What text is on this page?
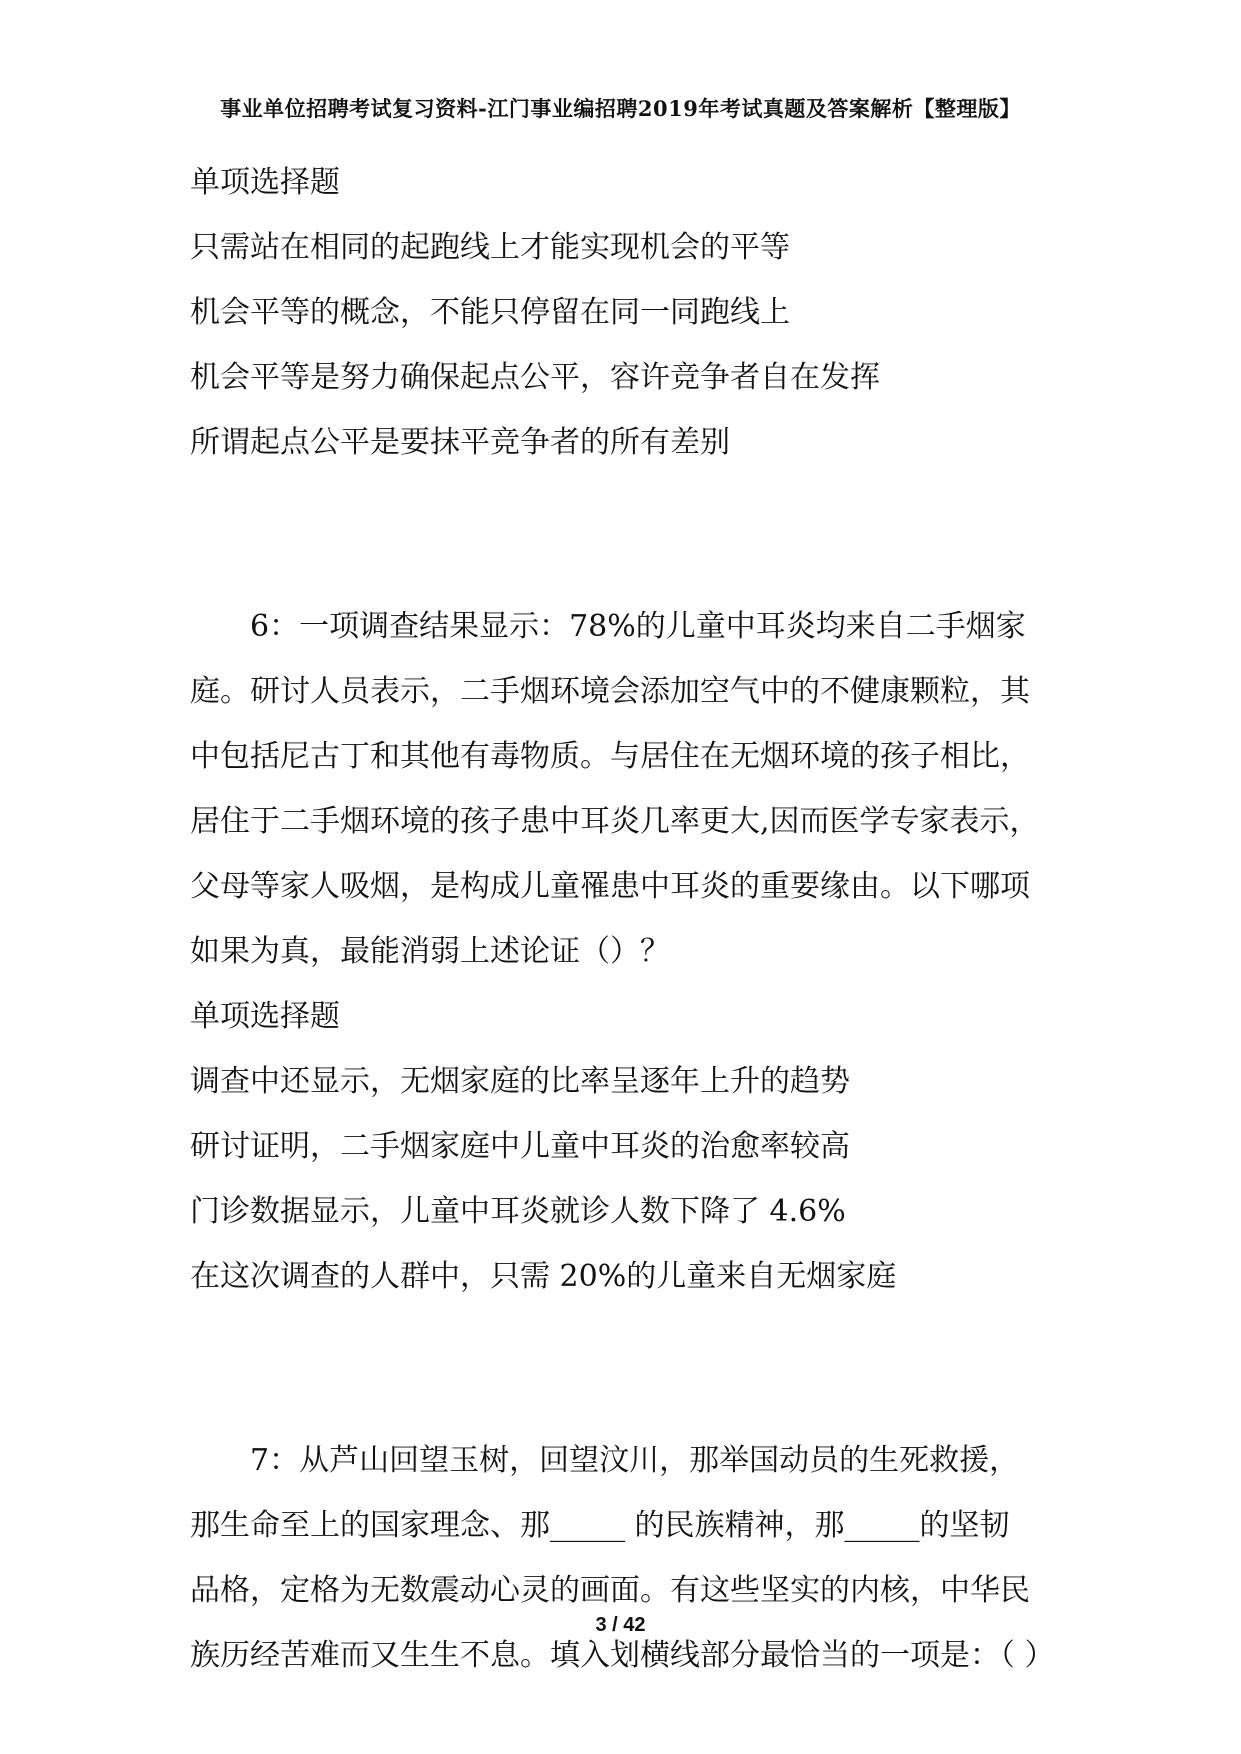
事业单位招聘考试复习资料-江门事业编招聘2019年考试真题及答案解析【整理版】
单项选择题
只需站在相同的起跑线上才能实现机会的平等
机会平等的概念，不能只停留在同一同跑线上
机会平等是努力确保起点公平，容许竞争者自在发挥
所谓起点公平是要抹平竞争者的所有差别
6：一项调查结果显示：78%的儿童中耳炎均来自二手烟家
庭。研讨人员表示，二手烟环境会添加空气中的不健康颗粒，其
中包括尼古丁和其他有毒物质。与居住在无烟环境的孩子相比，
居住于二手烟环境的孩子患中耳炎几率更大,因而医学专家表示，
父母等家人吸烟，是构成儿童罹患中耳炎的重要缘由。以下哪项
如果为真，最能消弱上述论证（）？
单项选择题
调查中还显示，无烟家庭的比率呈逐年上升的趋势
研讨证明，二手烟家庭中儿童中耳炎的治愈率较高
门诊数据显示，儿童中耳炎就诊人数下降了 4.6%
在这次调查的人群中，只需 20%的儿童来自无烟家庭
7：从芦山回望玉树，回望汶川，那举国动员的生死救援，
那生命至上的国家理念、那_____ 的民族精神，那_____的坚韧
品格，定格为无数震动心灵的画面。有这些坚实的内核，中华民
族历经苦难而又生生不息。填入划横线部分最恰当的一项是：（ ）
3 / 42
